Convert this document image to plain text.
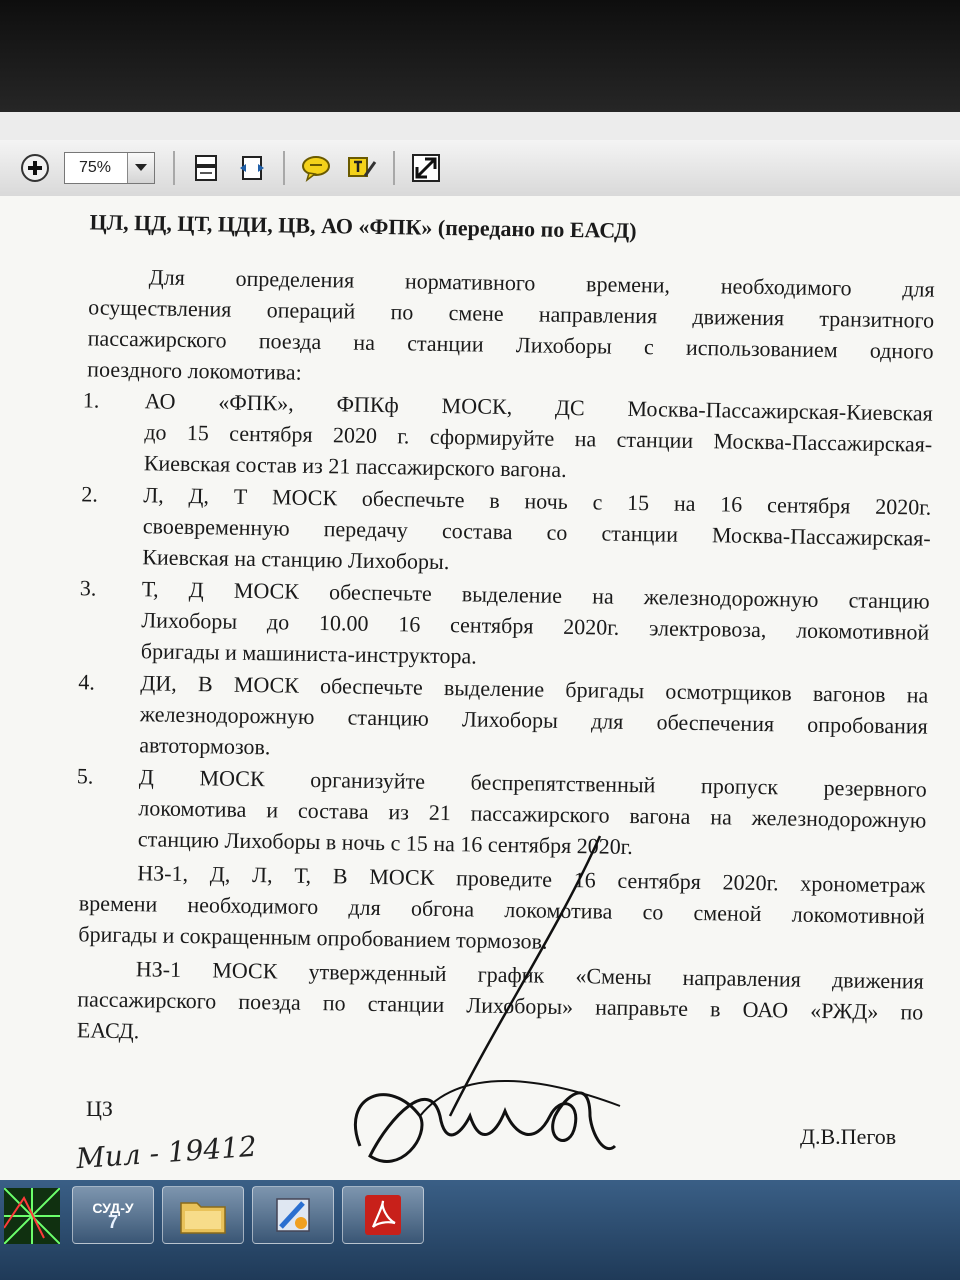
75%
ЦЛ, ЦД, ЦТ, ЦДИ, ЦВ, АО «ФПК» (передано по ЕАСД)
Для определения нормативного времени, необходимого для
осуществления операций по смене направления движения транзитного
пассажирского поезда на станции Лихоборы с использованием одного
поездного локомотива:
1. АО «ФПК», ФПКф МОСК, ДС Москва-Пассажирская-Киевская
до 15 сентября 2020 г. сформируйте на станции Москва-Пассажирская-
Киевская состав из 21 пассажирского вагона.
2. Л, Д, Т МОСК обеспечьте в ночь с 15 на 16 сентября 2020г.
своевременную передачу состава со станции Москва-Пассажирская-
Киевская на станцию Лихоборы.
3. Т, Д МОСК обеспечьте выделение на железнодорожную станцию
Лихоборы до 10.00 16 сентября 2020г. электровоза, локомотивной
бригады и машиниста-инструктора.
4. ДИ, В МОСК обеспечьте выделение бригады осмотрщиков вагонов на
железнодорожную станцию Лихоборы для обеспечения опробования
автотормозов.
5. Д МОСК организуйте беспрепятственный пропуск резервного
локомотива и состава из 21 пассажирского вагона на железнодорожную
станцию Лихоборы в ночь с 15 на 16 сентября 2020г.
НЗ-1, Д, Л, Т, В МОСК проведите 16 сентября 2020г. хронометраж
времени необходимого для обгона локомотива со сменой локомотивной
бригады и сокращенным опробованием тормозов.
НЗ-1 МОСК утвержденный график «Смены направления движения
пассажирского поезда по станции Лихоборы» направьте в ОАО «РЖД» по
ЕАСД.
ЦЗ
Д.В.Пегов
Мил - 19412
СУД-У
7
